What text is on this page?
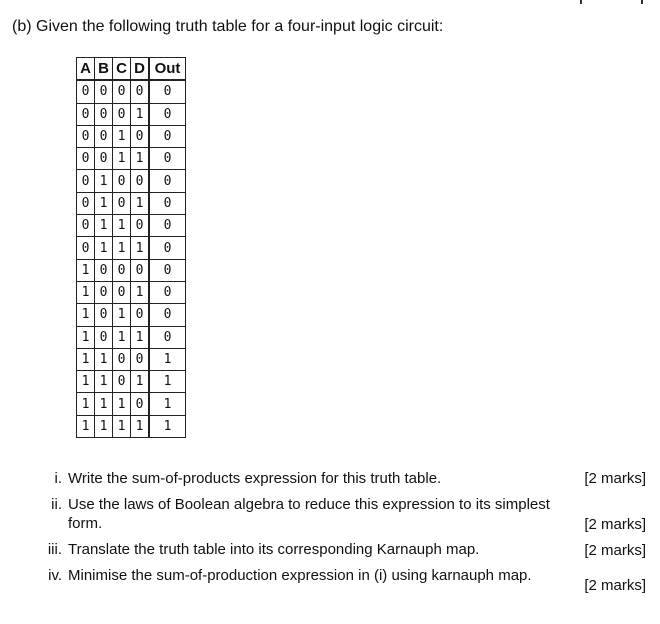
(b) Given the following truth table for a four-input logic circuit:
A	B	C	D	Out
0	0	0	0	0
0	0	0	1	0
0	0	1	0	0
0	0	1	1	0
0	1	0	0	0
0	1	0	1	0
0	1	1	0	0
0	1	1	1	0
1	0	0	0	0
1	0	0	1	0
1	0	1	0	0
1	0	1	1	0
1	1	0	0	1
1	1	0	1	1
1	1	1	0	1
1	1	1	1	1
i. Write the sum-of-products expression for this truth table.	[2 marks]
ii. Use the laws of Boolean algebra to reduce this expression to its simplest
form.	[2 marks]
iii. Translate the truth table into its corresponding Karnauph map.	[2 marks]
iv. Minimise the sum-of-production expression in (i) using karnauph map.
[2 marks]
